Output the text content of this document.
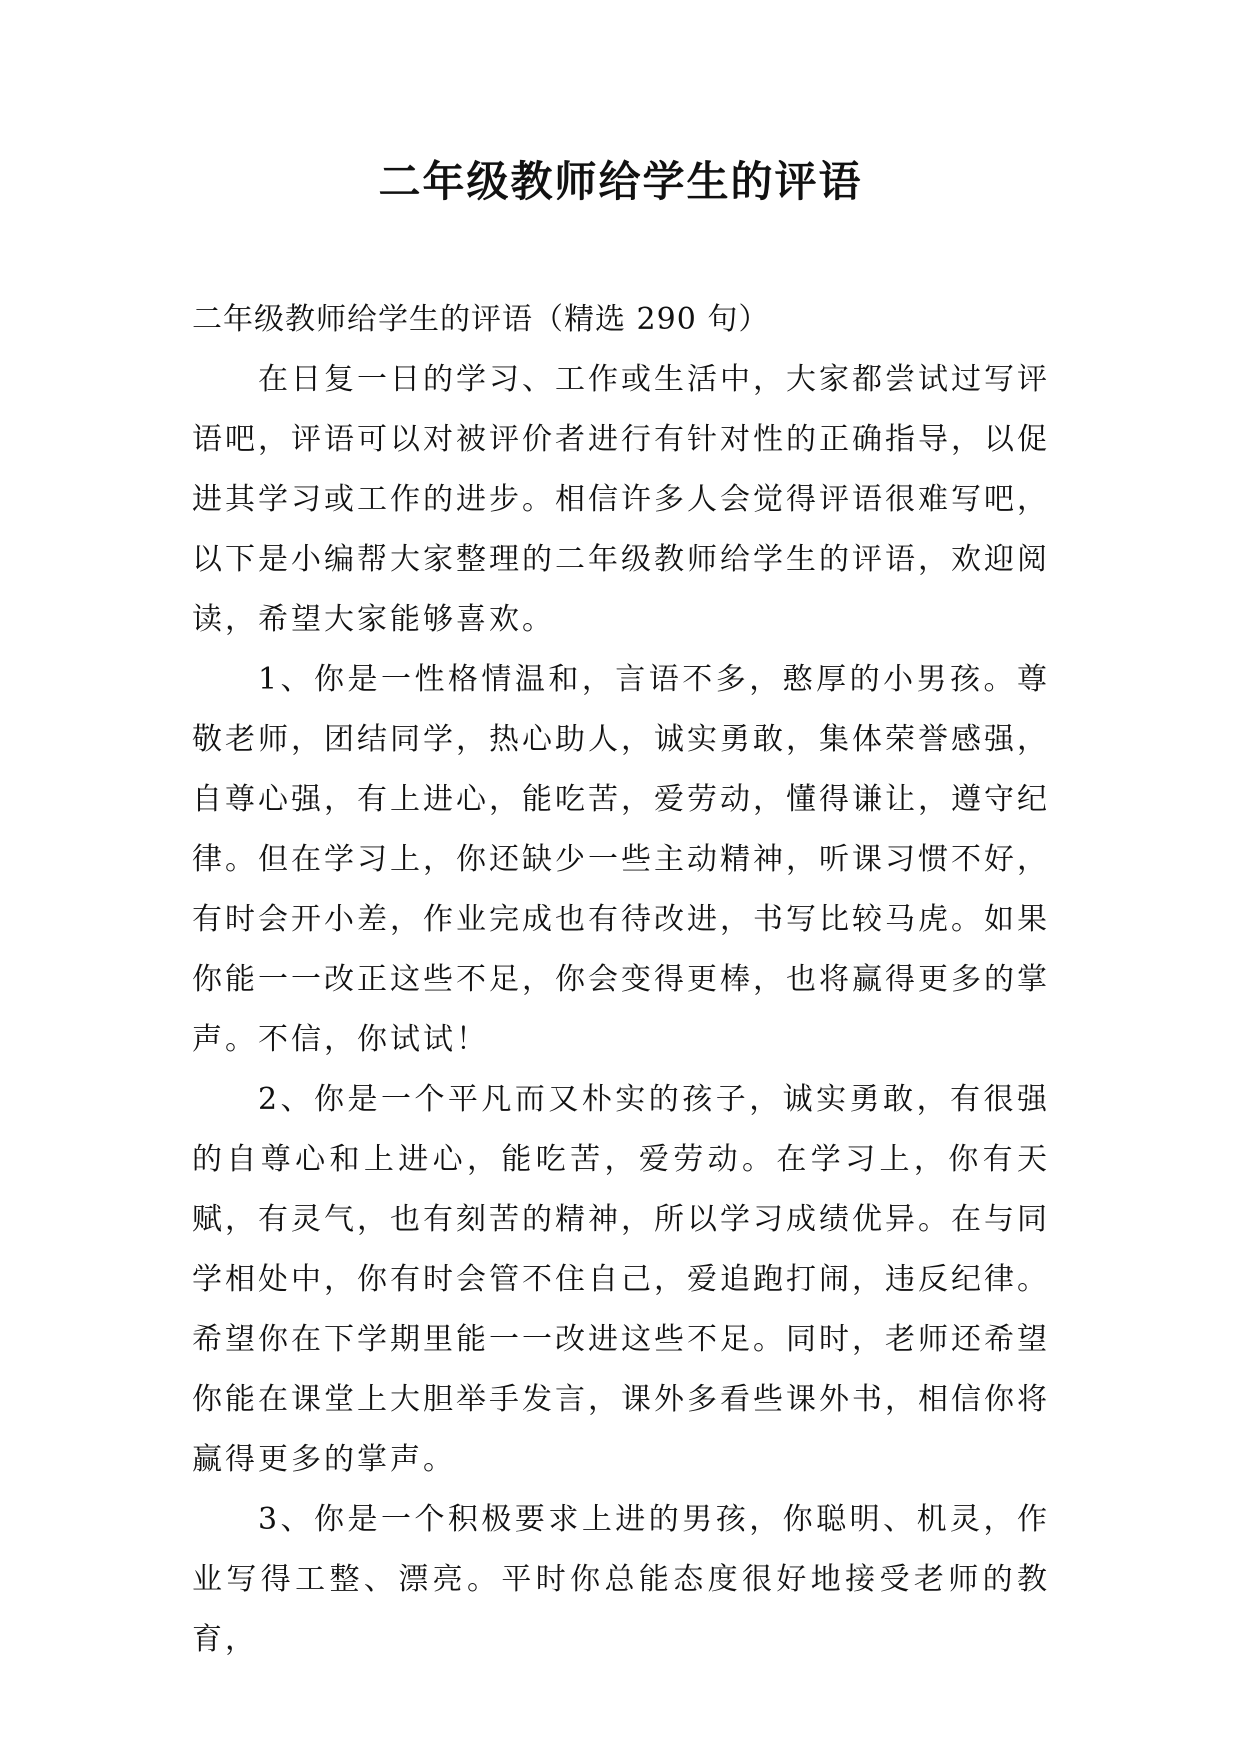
二年级教师给学生的评语

二年级教师给学生的评语（精选 290 句）

在日复一日的学习、工作或生活中，大家都尝试过写评语吧，评语可以对被评价者进行有针对性的正确指导，以促进其学习或工作的进步。相信许多人会觉得评语很难写吧，以下是小编帮大家整理的二年级教师给学生的评语，欢迎阅读，希望大家能够喜欢。

1、你是一性格情温和，言语不多，憨厚的小男孩。尊敬老师，团结同学，热心助人，诚实勇敢，集体荣誉感强，自尊心强，有上进心，能吃苦，爱劳动，懂得谦让，遵守纪律。但在学习上，你还缺少一些主动精神，听课习惯不好，有时会开小差，作业完成也有待改进，书写比较马虎。如果你能一一改正这些不足，你会变得更棒，也将赢得更多的掌声。不信，你试试！

2、你是一个平凡而又朴实的孩子，诚实勇敢，有很强的自尊心和上进心，能吃苦，爱劳动。在学习上，你有天赋，有灵气，也有刻苦的精神，所以学习成绩优异。在与同学相处中，你有时会管不住自己，爱追跑打闹，违反纪律。希望你在下学期里能一一改进这些不足。同时，老师还希望你能在课堂上大胆举手发言，课外多看些课外书，相信你将赢得更多的掌声。

3、你是一个积极要求上进的男孩，你聪明、机灵，作业写得工整、漂亮。平时你总能态度很好地接受老师的教育，
